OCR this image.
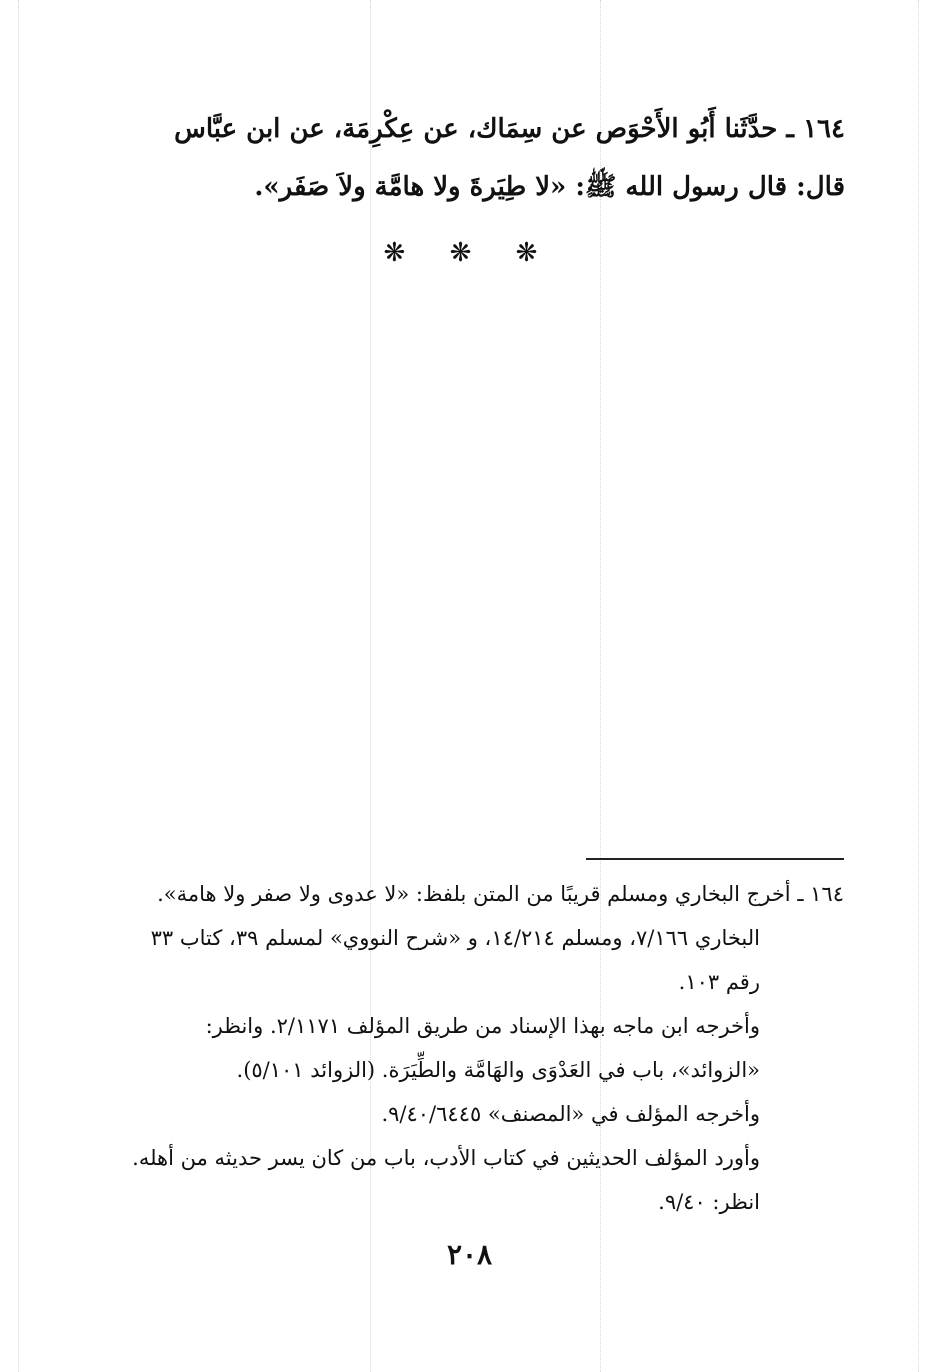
١٦٤ ـ حدَّثَنا أَبُو الأَحْوَص عن سِمَاك، عن عِكْرِمَة، عن ابن عبَّاس

قال: قال رسول الله ﷺ: «لا طِيَرةَ ولا هامَّة ولاَ صَفَر».

❋ ❋ ❋

١٦٤ ـ أخرج البخاري ومسلم قريبًا من المتن بلفظ: «لا عدوى ولا صفر ولا هامة».

البخاري ٧/١٦٦، ومسلم ١٤/٢١٤، و «شرح النووي» لمسلم ٣٩، كتاب ٣٣

رقم ١٠٣.

وأخرجه ابن ماجه بهذا الإسناد من طريق المؤلف ٢/١١٧١. وانظر:

«الزوائد»، باب في العَدْوَى والهَامَّة والطِّيَرَة. (الزوائد ٥/١٠١).

وأخرجه المؤلف في «المصنف» ٩/٤٠/٦٤٤٥.

وأورد المؤلف الحديثين في كتاب الأدب، باب من كان يسر حديثه من أهله.

انظر: ٩/٤٠.

٢٠٨
